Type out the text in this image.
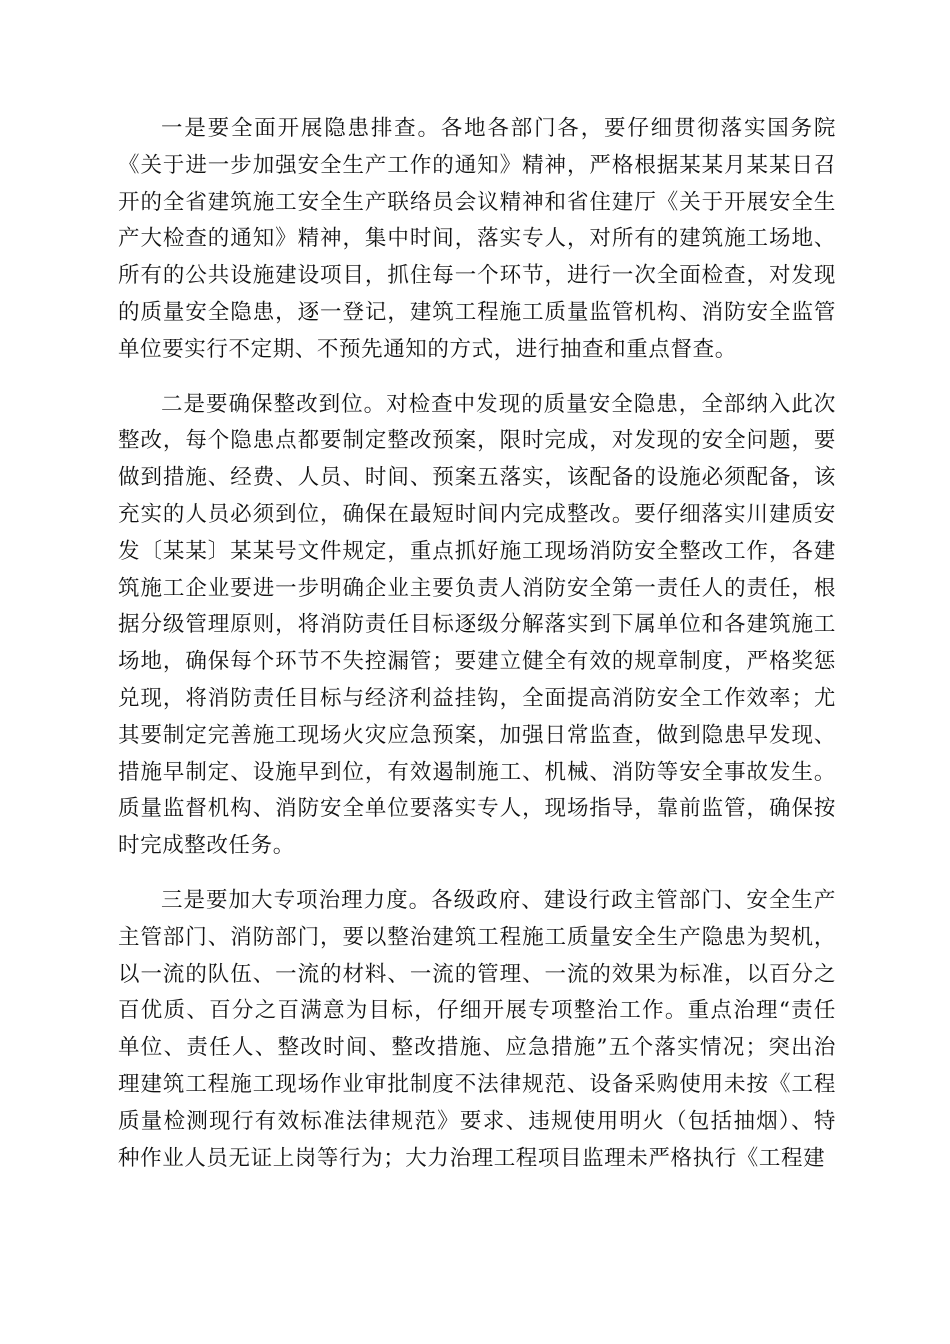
一是要全面开展隐患排查。各地各部门各，要仔细贯彻落实国务院《关于进一步加强安全生产工作的通知》精神，严格根据某某月某某日召开的全省建筑施工安全生产联络员会议精神和省住建厅《关于开展安全生产大检查的通知》精神，集中时间，落实专人，对所有的建筑施工场地、所有的公共设施建设项目，抓住每一个环节，进行一次全面检查，对发现的质量安全隐患，逐一登记，建筑工程施工质量监管机构、消防安全监管单位要实行不定期、不预先通知的方式，进行抽查和重点督查。

二是要确保整改到位。对检查中发现的质量安全隐患，全部纳入此次整改，每个隐患点都要制定整改预案，限时完成，对发现的安全问题，要做到措施、经费、人员、时间、预案五落实，该配备的设施必须配备，该充实的人员必须到位，确保在最短时间内完成整改。要仔细落实川建质安发〔某某〕某某号文件规定，重点抓好施工现场消防安全整改工作，各建筑施工企业要进一步明确企业主要负责人消防安全第一责任人的责任，根据分级管理原则，将消防责任目标逐级分解落实到下属单位和各建筑施工场地，确保每个环节不失控漏管；要建立健全有效的规章制度，严格奖惩兑现，将消防责任目标与经济利益挂钩，全面提高消防安全工作效率；尤其要制定完善施工现场火灾应急预案，加强日常监查，做到隐患早发现、措施早制定、设施早到位，有效遏制施工、机械、消防等安全事故发生。质量监督机构、消防安全单位要落实专人，现场指导，靠前监管，确保按时完成整改任务。

三是要加大专项治理力度。各级政府、建设行政主管部门、安全生产主管部门、消防部门，要以整治建筑工程施工质量安全生产隐患为契机，以一流的队伍、一流的材料、一流的管理、一流的效果为标准，以百分之百优质、百分之百满意为目标，仔细开展专项整治工作。重点治理“责任单位、责任人、整改时间、整改措施、应急措施”五个落实情况；突出治理建筑工程施工现场作业审批制度不法律规范、设备采购使用未按《工程质量检测现行有效标准法律规范》要求、违规使用明火（包括抽烟）、特种作业人员无证上岗等行为；大力治理工程项目监理未严格执行《工程建
